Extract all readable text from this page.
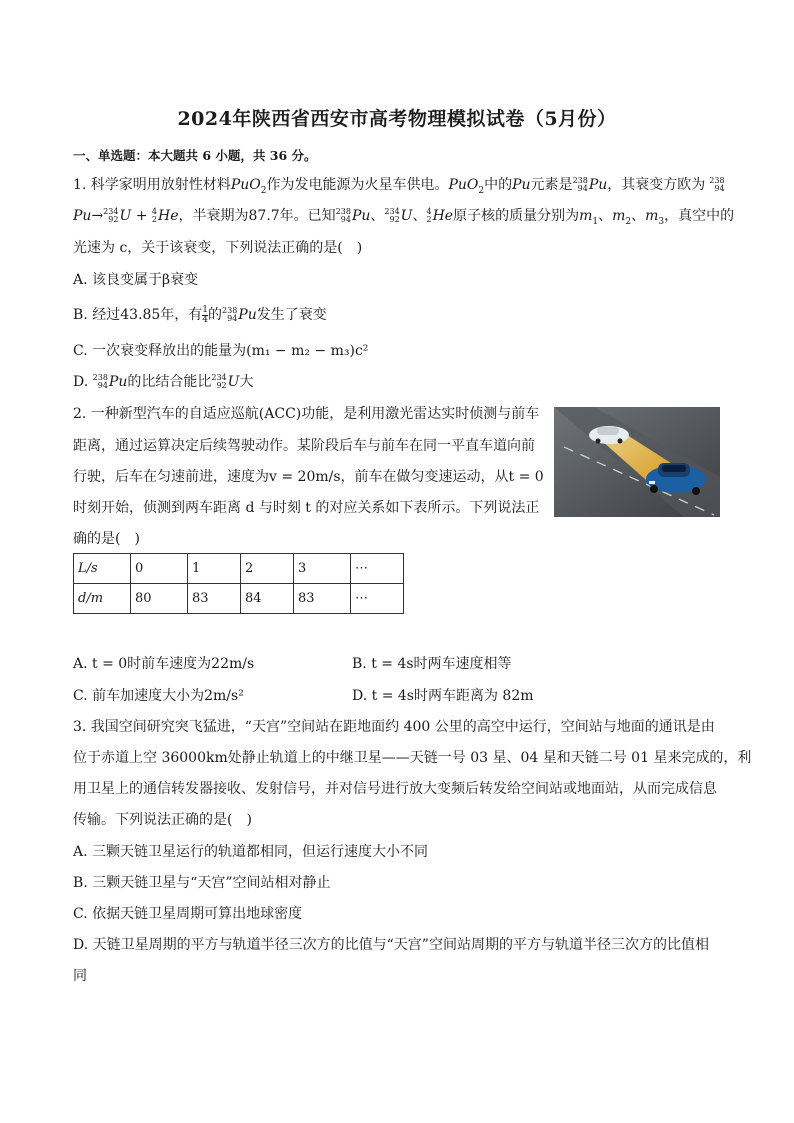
2024年陕西省西安市高考物理模拟试卷（5月份）
一、单选题：本大题共 6 小题，共 36 分。
1. 科学家明用放射性材料PuO$_2$作为发电能源为火星车供电。PuO$_2$中的Pu元素是 238
94 Pu，其衰变方欧为 238
94
Pu→ 234
92 U + 4
2 He，半衰期为87.7年。已知 238
94 Pu、 234
92 U、 4
2 He原子核的质量分别为$m_1$、$m_2$、$m_3$，真空中的
光速为 c，关于该衰变，下列说法正确的是(　)
A. 该良变属于β衰变
B. 经过43.85年，有 $\frac{1}{4}$ 的 238
94 Pu发生了衰变
C. 一次衰变释放出的能量为(m₁ − m₂ − m₃)c²
D. 238
94 Pu的比结合能比 234
92 U大
2. 一种新型汽车的自适应巡航(ACC)功能，是利用激光雷达实时侦测与前车
距离，通过运算决定后续驾驶动作。某阶段后车与前车在同一平直车道向前
行驶，后车在匀速前进，速度为v = 20m/s，前车在做匀变速运动，从t = 0
时刻开始，侦测到两车距离 d 与时刻 t 的对应关系如下表所示。下列说法正
确的是(　)
L/s	0	1	2	3	⋯
d/m	80	83	84	83	⋯
A. t = 0时前车速度为22m/s	B. t = 4s时两车速度相等
C. 前车加速度大小为2m/s²	D. t = 4s时两车距离为 82m
3. 我国空间研究突飞猛进，“天宫”空间站在距地面约 400 公里的高空中运行，空间站与地面的通讯是由
位于赤道上空 36000km处静止轨道上的中继卫星——天链一号 03 星、04 星和天链二号 01 星来完成的，利
用卫星上的通信转发器接收、发射信号，并对信号进行放大变频后转发给空间站或地面站，从而完成信息
传输。下列说法正确的是(　)
A. 三颗天链卫星运行的轨道都相同，但运行速度大小不同
B. 三颗天链卫星与“天宫”空间站相对静止
C. 依据天链卫星周期可算出地球密度
D. 天链卫星周期的平方与轨道半径三次方的比值与“天宫”空间站周期的平方与轨道半径三次方的比值相
同
